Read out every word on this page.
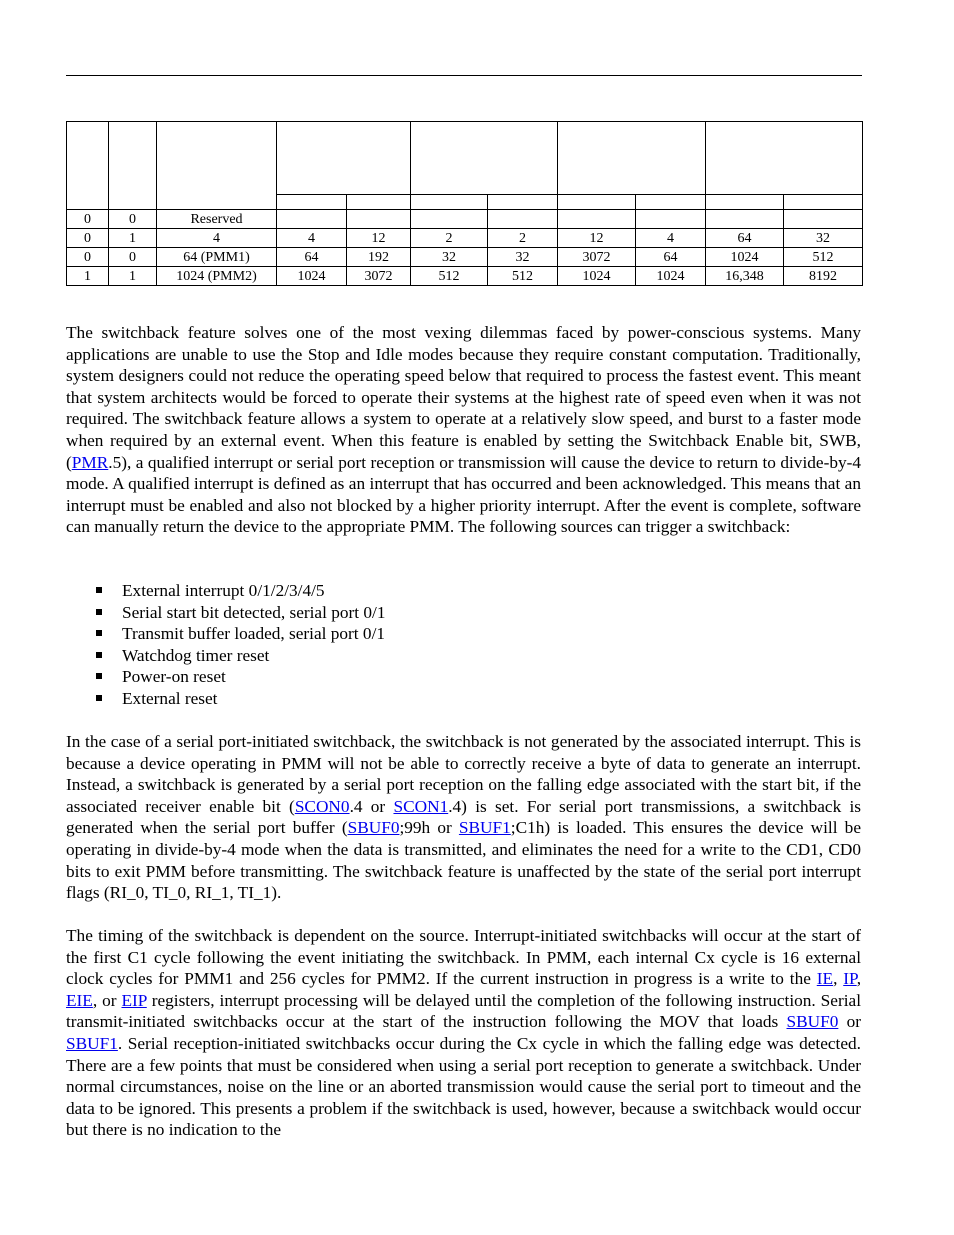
0	0	Reserved								
0	1	4	4	12	2	2	12	4	64	32
0	0	64 (PMM1)	64	192	32	32	3072	64	1024	512
1	1	1024 (PMM2)	1024	3072	512	512	1024	1024	16,348	8192

The switchback feature solves one of the most vexing dilemmas faced by power-conscious systems. Many applications are unable to use the Stop and Idle modes because they require constant computation. Traditionally, system designers could not reduce the operating speed below that required to process the fastest event. This meant that system architects would be forced to operate their systems at the highest rate of speed even when it was not required. The switchback feature allows a system to operate at a relatively slow speed, and burst to a faster mode when required by an external event. When this feature is enabled by setting the Switchback Enable bit, SWB, (PMR.5), a qualified interrupt or serial port reception or transmission will cause the device to return to divide-by-4 mode. A qualified interrupt is defined as an interrupt that has occurred and been acknowledged. This means that an interrupt must be enabled and also not blocked by a higher priority interrupt. After the event is complete, software can manually return the device to the appropriate PMM. The following sources can trigger a switchback:

External interrupt 0/1/2/3/4/5
Serial start bit detected, serial port 0/1
Transmit buffer loaded, serial port 0/1
Watchdog timer reset
Power-on reset
External reset

In the case of a serial port-initiated switchback, the switchback is not generated by the associated interrupt. This is because a device operating in PMM will not be able to correctly receive a byte of data to generate an interrupt. Instead, a switchback is generated by a serial port reception on the falling edge associated with the start bit, if the associated receiver enable bit (SCON0.4 or SCON1.4) is set. For serial port transmissions, a switchback is generated when the serial port buffer (SBUF0;99h or SBUF1;C1h) is loaded. This ensures the device will be operating in divide-by-4 mode when the data is transmitted, and eliminates the need for a write to the CD1, CD0 bits to exit PMM before transmitting. The switchback feature is unaffected by the state of the serial port interrupt flags (RI_0, TI_0, RI_1, TI_1).

The timing of the switchback is dependent on the source. Interrupt-initiated switchbacks will occur at the start of the first C1 cycle following the event initiating the switchback. In PMM, each internal Cx cycle is 16 external clock cycles for PMM1 and 256 cycles for PMM2. If the current instruction in progress is a write to the IE, IP, EIE, or EIP registers, interrupt processing will be delayed until the completion of the following instruction. Serial transmit-initiated switchbacks occur at the start of the instruction following the MOV that loads SBUF0 or SBUF1. Serial reception-initiated switchbacks occur during the Cx cycle in which the falling edge was detected. There are a few points that must be considered when using a serial port reception to generate a switchback. Under normal circumstances, noise on the line or an aborted transmission would cause the serial port to timeout and the data to be ignored. This presents a problem if the switchback is used, however, because a switchback would occur but there is no indication to the
